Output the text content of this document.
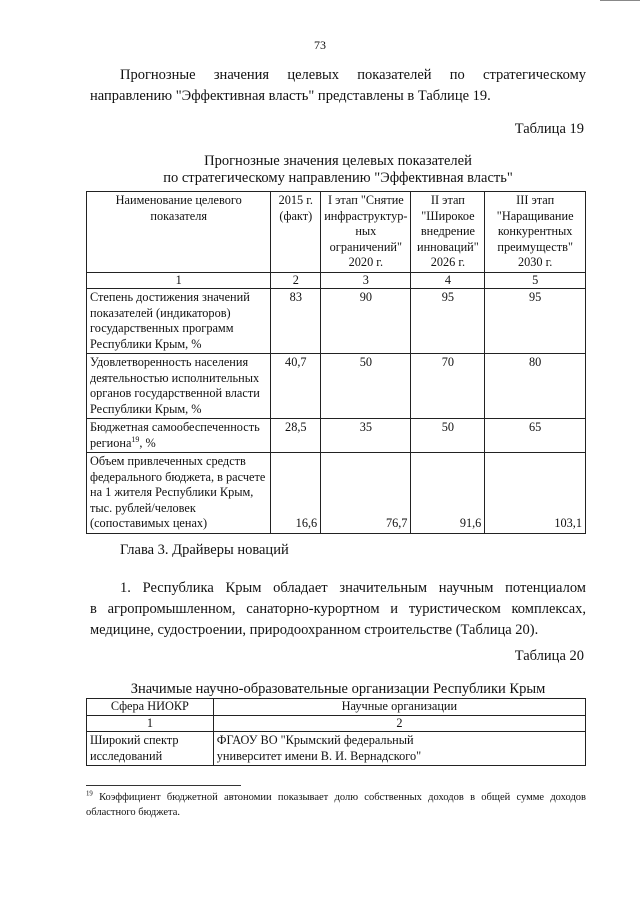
73
Прогнозные значения целевых показателей по стратегическому
направлению "Эффективная власть" представлены в Таблице 19.
Таблица 19
Прогнозные значения целевых показателей
по стратегическому направлению "Эффективная власть"
Наименование целевого показателя	2015 г. (факт)	I этап "Снятие инфраструктур-ных ограничений" 2020 г.	II этап "Широкое внедрение инноваций" 2026 г.	III этап "Наращивание конкурентных преимуществ" 2030 г.
1	2	3	4	5
Степень достижения значений показателей (индикаторов) государственных программ Республики Крым, %	83	90	95	95
Удовлетворенность населения деятельностью исполнительных органов государственной власти Республики Крым, %	40,7	50	70	80
Бюджетная самообеспеченность региона$^{19}$, %	28,5	35	50	65
Объем привлеченных средств федерального бюджета, в расчете на 1 жителя Республики Крым, тыс. рублей/человек (сопоставимых ценах)	16,6	76,7	91,6	103,1
Глава 3. Драйверы новаций
1. Республика Крым обладает значительным научным потенциалом
в агропромышленном, санаторно-курортном и туристическом комплексах, медицине, судостроении, природоохранном строительстве (Таблица 20).
Таблица 20
Значимые научно-образовательные организации Республики Крым
Сфера НИОКР	Научные организации
1	2
Широкий спектр исследований	ФГАОУ ВО "Крымский федеральный университет имени В. И. Вернадского"
$^{19}$ Коэффициент бюджетной автономии показывает долю собственных доходов в общей сумме доходов областного бюджета.
